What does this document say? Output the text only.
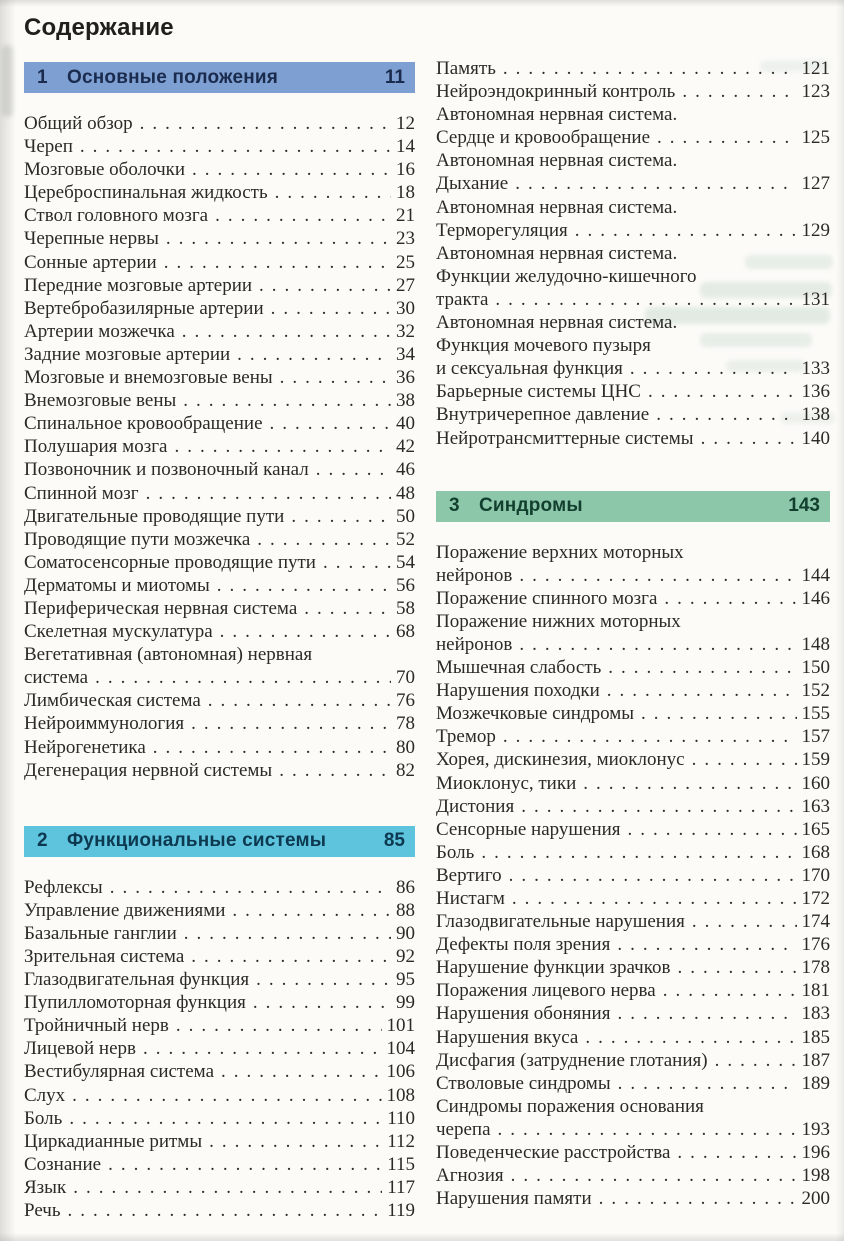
Содержание
1	Основные положения	11
Общий обзор .....	12
Череп .....	14
Мозговые оболочки .....	16
Цереброспинальная жидкость .....	18
Ствол головного мозга .....	21
Черепные нервы .....	23
Сонные артерии .....	25
Передние мозговые артерии .....	27
Вертебробазилярные артерии .....	30
Артерии мозжечка .....	32
Задние мозговые артерии .....	34
Мозговые и внемозговые вены .....	36
Внемозговые вены .....	38
Спинальное кровообращение .....	40
Полушария мозга .....	42
Позвоночник и позвоночный канал .....	46
Спинной мозг .....	48
Двигательные проводящие пути .....	50
Проводящие пути мозжечка .....	52
Соматосенсорные проводящие пути .....	54
Дерматомы и миотомы .....	56
Периферическая нервная система .....	58
Скелетная мускулатура .....	68
Вегетативная (автономная) нервная
система .....	70
Лимбическая система .....	76
Нейроиммунология .....	78
Нейрогенетика .....	80
Дегенерация нервной системы .....	82
2	Функциональные системы	85
Рефлексы .....	86
Управление движениями .....	88
Базальные ганглии .....	90
Зрительная система .....	92
Глазодвигательная функция .....	95
Пупилломоторная функция .....	99
Тройничный нерв .....	101
Лицевой нерв .....	104
Вестибулярная система .....	106
Слух .....	108
Боль .....	110
Циркадианные ритмы .....	112
Сознание .....	115
Язык .....	117
Речь .....	119
Память .....	121
Нейроэндокринный контроль .....	123
Автономная нервная система.
Сердце и кровообращение .....	125
Автономная нервная система.
Дыхание .....	127
Автономная нервная система.
Терморегуляция .....	129
Автономная нервная система.
Функции желудочно-кишечного
тракта .....	131
Автономная нервная система.
Функция мочевого пузыря
и сексуальная функция .....	133
Барьерные системы ЦНС .....	136
Внутричерепное давление .....	138
Нейротрансмиттерные системы .....	140
3	Синдромы	143
Поражение верхних моторных
нейронов .....	144
Поражение спинного мозга .....	146
Поражение нижних моторных
нейронов .....	148
Мышечная слабость .....	150
Нарушения походки .....	152
Мозжечковые синдромы .....	155
Тремор .....	157
Хорея, дискинезия, миоклонус .....	159
Миоклонус, тики .....	160
Дистония .....	163
Сенсорные нарушения .....	165
Боль .....	168
Вертиго .....	170
Нистагм .....	172
Глазодвигательные нарушения .....	174
Дефекты поля зрения .....	176
Нарушение функции зрачков .....	178
Поражения лицевого нерва .....	181
Нарушения обоняния .....	183
Нарушения вкуса .....	185
Дисфагия (затруднение глотания) .....	187
Стволовые синдромы .....	189
Синдромы поражения основания
черепа .....	193
Поведенческие расстройства .....	196
Агнозия .....	198
Нарушения памяти .....	200
